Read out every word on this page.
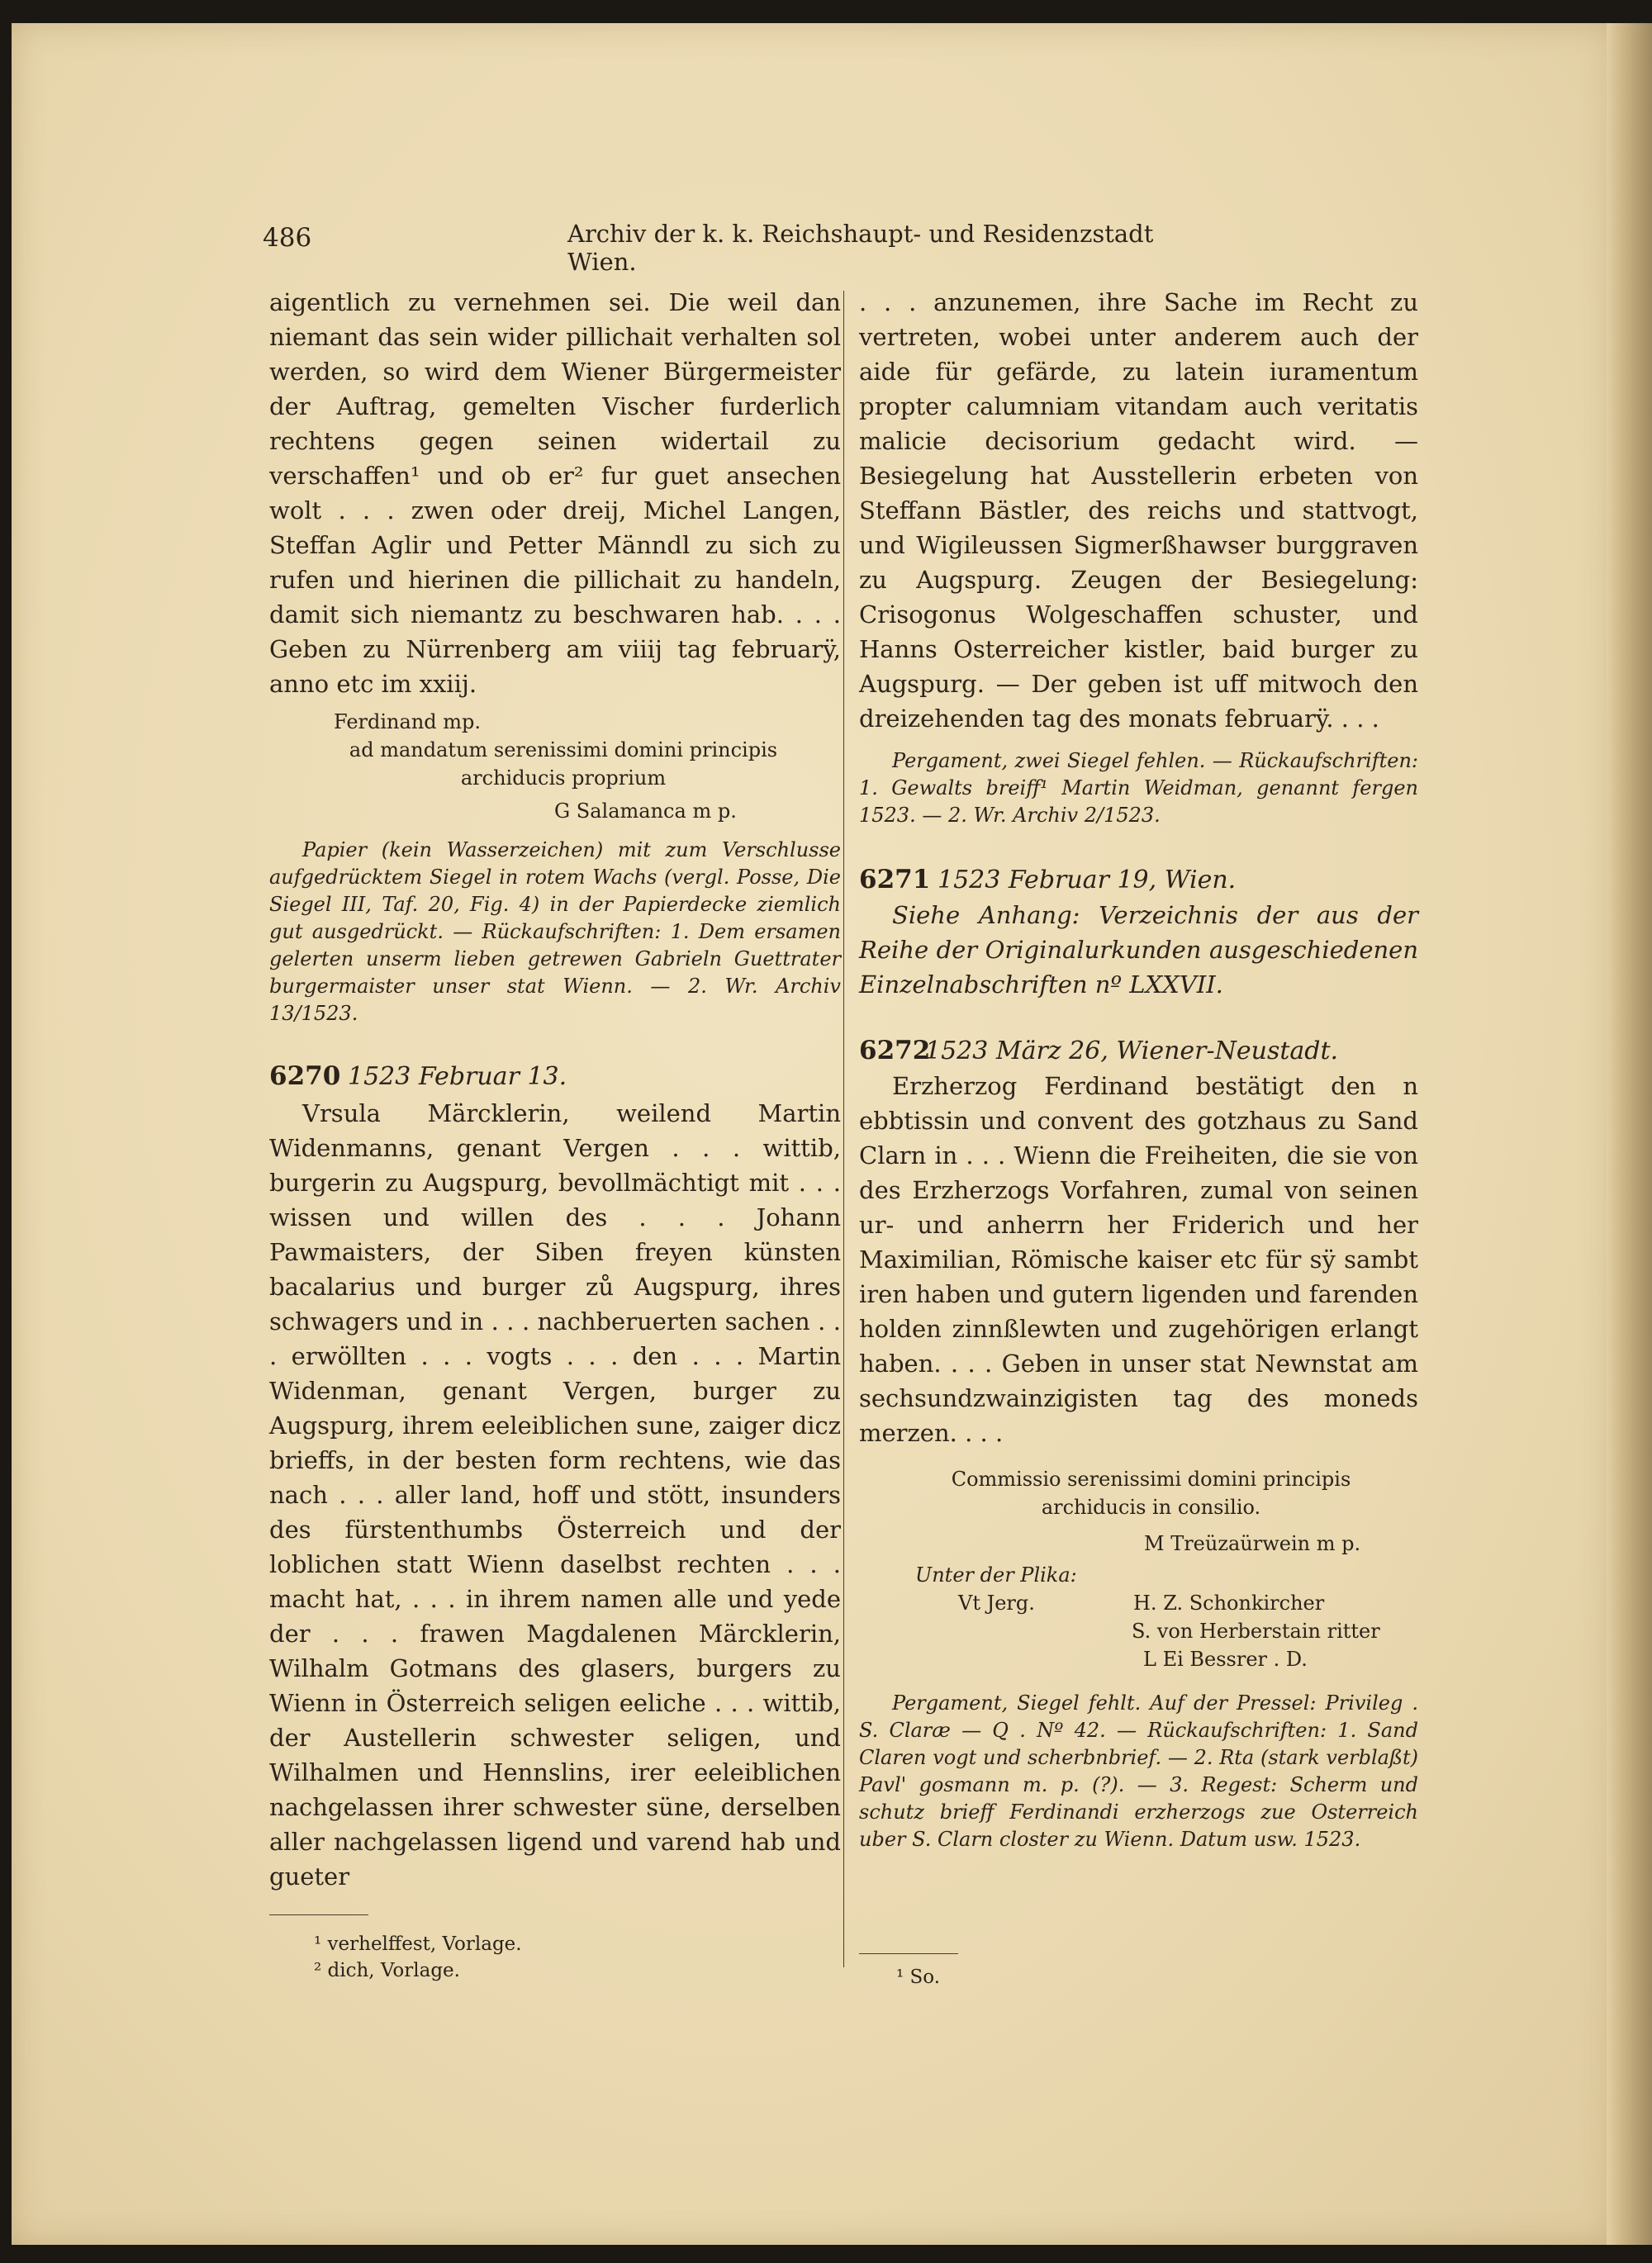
486	Archiv der k. k. Reichshaupt- und Residenzstadt Wien.

aigentlich zu vernehmen sei. Die weil dan niemant das sein wider pillichait verhalten sol werden, so wird dem Wiener Bürgermeister der Auftrag, gemelten Vischer furderlich rechtens gegen seinen widertail zu verschaffen¹ und ob er² fur guet ansechen wolt . . . zwen oder dreij, Michel Langen, Steffan Aglir und Petter Männdl zu sich zu rufen und hierinen die pillichait zu handeln, damit sich niemantz zu beschwaren hab. . . . Geben zu Nürrenberg am viiij tag februarÿ, anno etc im xxiij.

Ferdinand mp.

ad mandatum serenissimi domini principis archiducis proprium

G Salamanca m p.

Papier (kein Wasserzeichen) mit zum Verschlusse aufgedrücktem Siegel in rotem Wachs (vergl. Posse, Die Siegel III, Taf. 20, Fig. 4) in der Papierdecke ziemlich gut ausgedrückt. — Rückaufschriften: 1. Dem ersamen gelerten unserm lieben getrewen Gabrieln Guettrater burgermaister unser stat Wienn. — 2. Wr. Archiv 13/1523.

6270 1523 Februar 13.

Vrsula Märcklerin, weilend Martin Widenmanns, genant Vergen . . . wittib, burgerin zu Augspurg, bevollmächtigt mit . . . wissen und willen des . . . Johann Pawmaisters, der Siben freyen künsten bacalarius und burger zů Augspurg, ihres schwagers und in . . . nachberuerten sachen . . . erwöllten . . . vogts . . . den . . . Martin Widenman, genant Vergen, burger zu Augspurg, ihrem eeleiblichen sune, zaiger dicz brieffs, in der besten form rechtens, wie das nach . . . aller land, hoff und stött, insunders des fürstenthumbs Österreich und der loblichen statt Wienn daselbst rechten . . . macht hat, . . . in ihrem namen alle und yede der . . . frawen Magdalenen Märcklerin, Wilhalm Gotmans des glasers, burgers zu Wienn in Österreich seligen eeliche . . . wittib, der Austellerin schwester seligen, und Wilhalmen und Hennslins, irer eeleiblichen nachgelassen ihrer schwester süne, derselben aller nachgelassen ligend und varend hab und gueter

¹ verhelffest, Vorlage.
² dich, Vorlage.

. . . anzunemen, ihre Sache im Recht zu vertreten, wobei unter anderem auch der aide für gefärde, zu latein iuramentum propter calumniam vitandam auch veritatis malicie decisorium gedacht wird. — Besiegelung hat Ausstellerin erbeten von Steffann Bästler, des reichs und stattvogt, und Wigileussen Sigmerßhawser burggraven zu Augspurg. Zeugen der Besiegelung: Crisogonus Wolgeschaffen schuster, und Hanns Osterreicher kistler, baid burger zu Augspurg. — Der geben ist uff mitwoch den dreizehenden tag des monats februarÿ. . . .

Pergament, zwei Siegel fehlen. — Rückaufschriften: 1. Gewalts breiff¹ Martin Weidman, genannt fergen 1523. — 2. Wr. Archiv 2/1523.

6271 1523 Februar 19, Wien.

Siehe Anhang: Verzeichnis der aus der Reihe der Originalurkunden ausgeschiedenen Einzelnabschriften nº LXXVII.

6272
1523 März 26, Wiener-Neustadt.

Erzherzog Ferdinand bestätigt den n ebbtissin und convent des gotzhaus zu Sand Clarn in . . . Wienn die Freiheiten, die sie von des Erzherzogs Vorfahren, zumal von seinen ur- und anherrn her Friderich und her Maximilian, Römische kaiser etc für sÿ sambt iren haben und gutern ligenden und farenden holden zinnßlewten und zugehörigen erlangt haben. . . . Geben in unser stat Newnstat am sechsundzwainzigisten tag des moneds merzen. . . .

Commissio serenissimi domini principis archiducis in consilio.

M Treüzaürwein m p.

Unter der Plika:

Vt Jerg.	H. Z. Schonkircher

S. von Herberstain ritter

L Ei Bessrer . D.

Pergament, Siegel fehlt. Auf der Pressel: Privileg . S. Claræ — Q . Nº 42. — Rückaufschriften: 1. Sand Claren vogt und scherbnbrief. — 2. Rta (stark verblaßt) Pavl' gosmann m. p. (?). — 3. Regest: Scherm und schutz brieff Ferdinandi erzherzogs zue Osterreich uber S. Clarn closter zu Wienn. Datum usw. 1523.

¹ So.
